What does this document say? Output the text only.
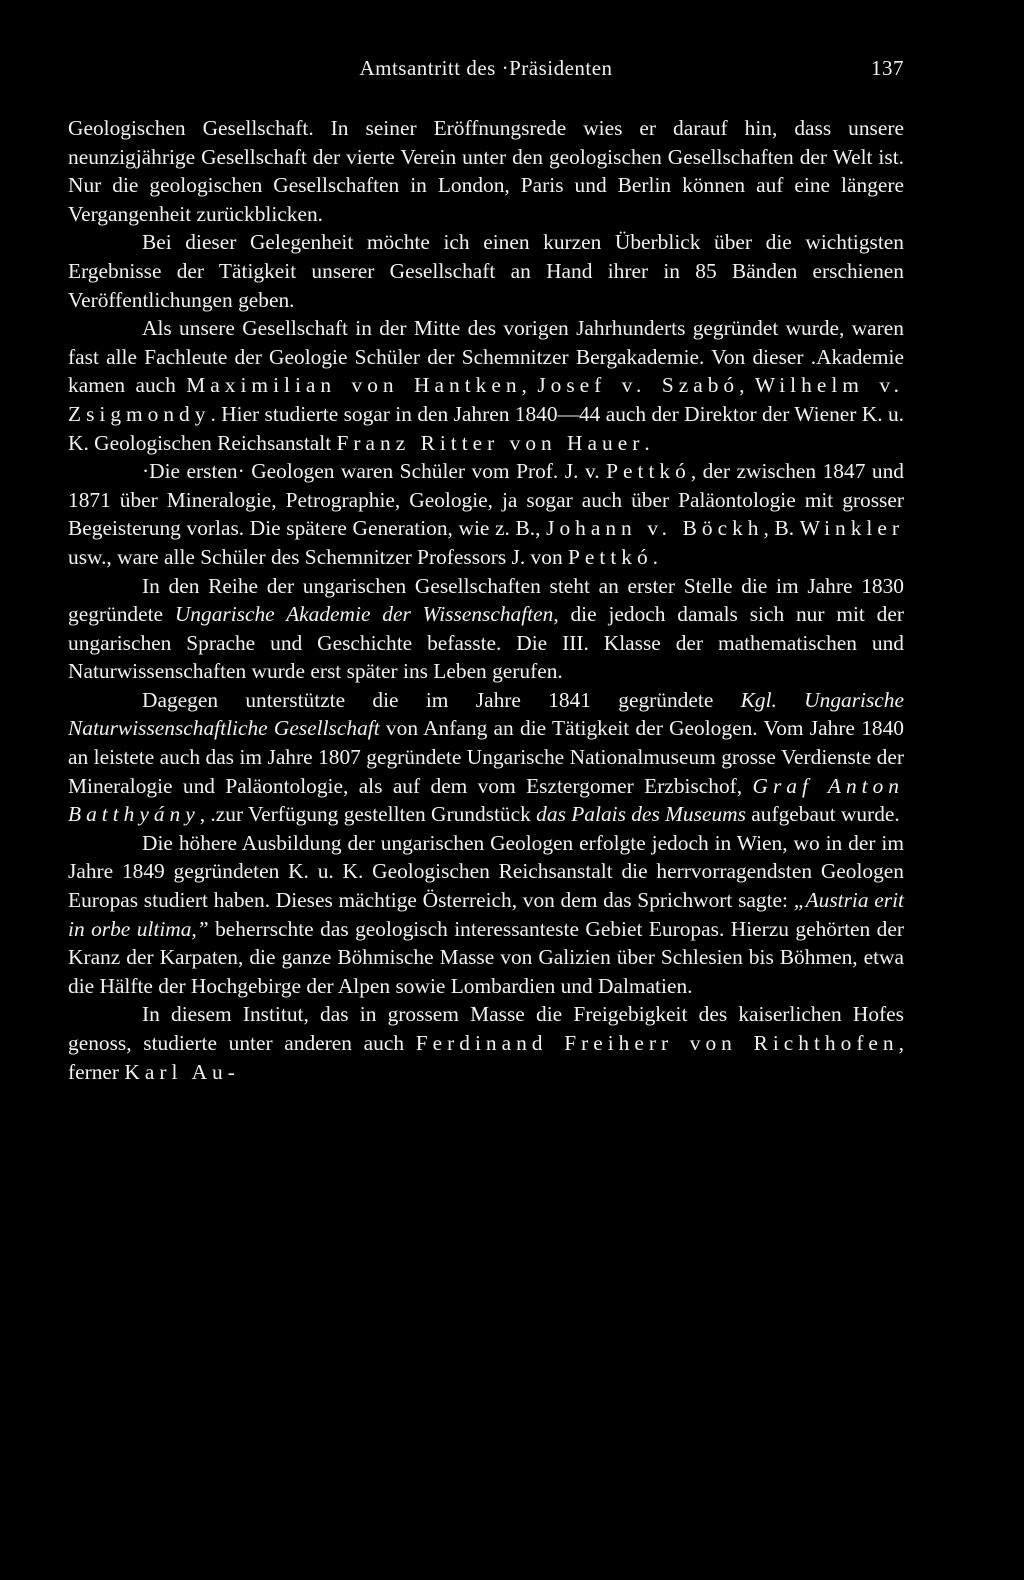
Amtsantritt des ·Präsidenten	137

Geologischen Gesellschaft. In seiner Eröffnungsrede wies er darauf hin, dass unsere neunzigjährige Gesellschaft der vierte Verein unter den geologischen Gesellschaften der Welt ist. Nur die geologischen Gesellschaften in London, Paris und Berlin können auf eine längere Vergangenheit zurückblicken.

Bei dieser Gelegenheit möchte ich einen kurzen Überblick über die wichtigsten Ergebnisse der Tätigkeit unserer Gesellschaft an Hand ihrer in 85 Bänden erschienen Veröffentlichungen geben.

Als unsere Gesellschaft in der Mitte des vorigen Jahrhunderts gegründet wurde, waren fast alle Fachleute der Geologie Schüler der Schemnitzer Bergakademie. Von dieser .Akademie kamen auch Maximilian von Hantken, Josef v. Szabó, Wilhelm v. Zsigmondy. Hier studierte sogar in den Jahren 1840—44 auch der Direktor der Wiener K. u. K. Geologischen Reichsanstalt Franz Ritter von Hauer.

·Die ersten· Geologen waren Schüler vom Prof. J. v. Pettkó, der zwischen 1847 und 1871 über Mineralogie, Petrographie, Geologie, ja sogar auch über Paläontologie mit grosser Begeisterung vorlas. Die spätere Generation, wie z. B., Johann v. Böckh, B. Winkler usw., ware alle Schüler des Schemnitzer Professors J. von Pettkó.

In den Reihe der ungarischen Gesellschaften steht an erster Stelle die im Jahre 1830 gegründete Ungarische Akademie der Wissenschaften, die jedoch damals sich nur mit der ungarischen Sprache und Geschichte befasste. Die III. Klasse der mathematischen und Naturwissenschaften wurde erst später ins Leben gerufen.

Dagegen unterstützte die im Jahre 1841 gegründete Kgl. Ungarische Naturwissenschaftliche Gesellschaft von Anfang an die Tätigkeit der Geologen. Vom Jahre 1840 an leistete auch das im Jahre 1807 gegründete Ungarische Nationalmuseum grosse Verdienste der Mineralogie und Paläontologie, als auf dem vom Esztergomer Erzbischof, Graf Anton Batthyány, .zur Verfügung gestellten Grundstück das Palais des Museums aufgebaut wurde.

Die höhere Ausbildung der ungarischen Geologen erfolgte jedoch in Wien, wo in der im Jahre 1849 gegründeten K. u. K. Geologischen Reichsanstalt die herrvorragendsten Geologen Europas studiert haben. Dieses mächtige Österreich, von dem das Sprichwort sagte: „Austria erit in orbe ultima,” beherrschte das geologisch interessanteste Gebiet Europas. Hierzu gehörten der Kranz der Karpaten, die ganze Böhmische Masse von Galizien über Schlesien bis Böhmen, etwa die Hälfte der Hochgebirge der Alpen sowie Lombardien und Dalmatien.

In diesem Institut, das in grossem Masse die Freigebigkeit des kaiserlichen Hofes genoss, studierte unter anderen auch Ferdinand Freiherr von Richthofen, ferner Karl Au-
